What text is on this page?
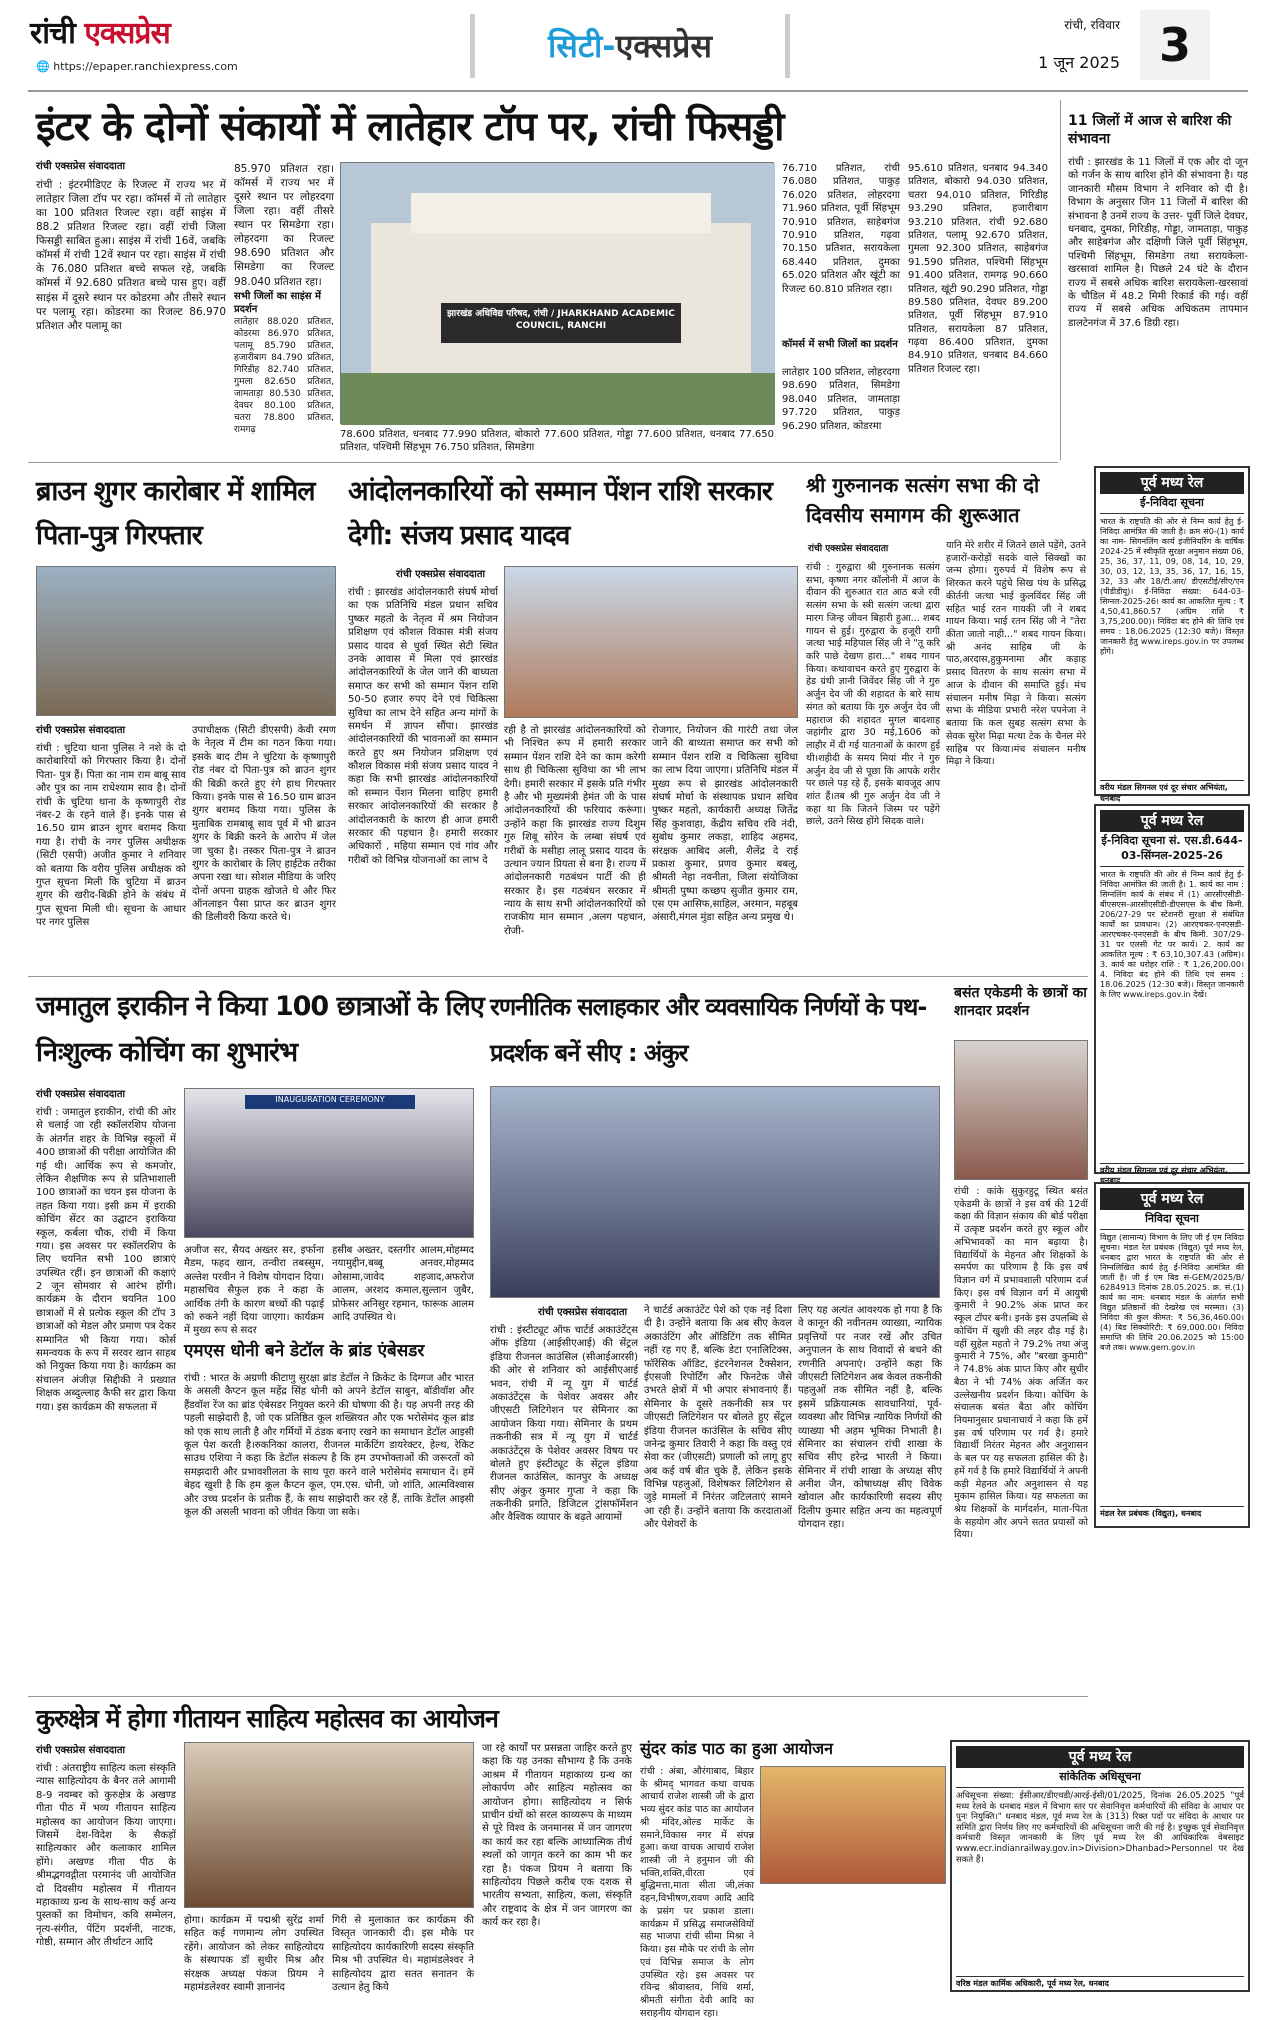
रांची एक्सप्रेस
🌐 https://epaper.ranchiexpress.com
सिटी- एक्सप्रेस
रांची, रविवार
1 जून 2025 3
इंटर के दोनों संकायों में लातेहार टॉप पर, रांची फिसड्डी
रांची एक्सप्रेस संवाददाता
रांची : इंटरमीडिएट के रिजल्ट में राज्य भर में लातेहार जिला टॉप पर रहा। कॉमर्स में तो लातेहार का 100 प्रतिशत रिजल्ट रहा। वहीं साइंस में 88.2 प्रतिशत रिजल्ट रहा। वहीं रांची जिला फिसड्डी साबित हुआ। साइंस में रांची 16वें, जबकि कॉमर्स में रांची 12वें स्थान पर रहा। साइंस में रांची के 76.080 प्रतिशत बच्चे सफल रहे, जबकि कॉमर्स में 92.680 प्रतिशत बच्चे पास हुए। वहीं साइंस में दूसरे स्थान पर कोडरमा और तीसरे स्थान पर पलामू रहा। कोडरमा का रिजल्ट 86.970 प्रतिशत और पलामू का
85.970 प्रतिशत रहा। कॉमर्स में राज्य भर में दूसरे स्थान पर लोहरदगा जिला रहा। वहीं तीसरे स्थान पर सिमडेगा रहा। लोहरदगा का रिजल्ट 98.690 प्रतिशत और सिमडेगा का रिजल्ट 98.040 प्रतिशत रहा।
सभी जिलों का साइंस में प्रदर्शन
लातेहार 88.020 प्रतिशत, कोडरमा 86.970 प्रतिशत, पलामू 85.790 प्रतिशत, हजारीबाग 84.790 प्रतिशत, गिरिडीह 82.740 प्रतिशत, गुमला 82.650 प्रतिशत, जामताड़ा 80.530 प्रतिशत, देवघर 80.100 प्रतिशत, चतरा 78.800 प्रतिशत, रामगढ़
झारखंड अधिविद्य परिषद, रांची / JHARKHAND ACADEMIC COUNCIL, RANCHI
78.600 प्रतिशत, धनबाद 77.990 प्रतिशत, बोकारो 77.600 प्रतिशत, गोड्डा 77.600 प्रतिशत, धनबाद 77.650 प्रतिशत, पश्चिमी सिंहभूम 76.750 प्रतिशत, सिमडेगा
76.710 प्रतिशत, रांची 76.080 प्रतिशत, पाकुड़ 76.020 प्रतिशत, लोहरदगा 71.960 प्रतिशत, पूर्वी सिंहभूम 70.910 प्रतिशत, साहेबगंज 70.910 प्रतिशत, गढ़वा 70.150 प्रतिशत, सरायकेला 68.440 प्रतिशत, दुमका 65.020 प्रतिशत और खूंटी का रिजल्ट 60.810 प्रतिशत रहा।
कॉमर्स में सभी जिलों का प्रदर्शन
लातेहार 100 प्रतिशत, लोहरदगा 98.690 प्रतिशत, सिमडेगा 98.040 प्रतिशत, जामताड़ा 97.720 प्रतिशत, पाकुड़ 96.290 प्रतिशत, कोडरमा
95.610 प्रतिशत, धनबाद 94.340 प्रतिशत, बोकारो 94.030 प्रतिशत, चतरा 94.010 प्रतिशत, गिरिडीह 93.290 प्रतिशत, हजारीबाग 93.210 प्रतिशत, रांची 92.680 प्रतिशत, पलामू 92.670 प्रतिशत, गुमला 92.300 प्रतिशत, साहेबगंज 91.590 प्रतिशत, पश्चिमी सिंहभूम 91.400 प्रतिशत, रामगढ़ 90.660 प्रतिशत, खूंटी 90.290 प्रतिशत, गोड्डा 89.580 प्रतिशत, देवघर 89.200 प्रतिशत, पूर्वी सिंहभूम 87.910 प्रतिशत, सरायकेला 87 प्रतिशत, गढ़वा 86.400 प्रतिशत, दुमका 84.910 प्रतिशत, धनबाद 84.660 प्रतिशत रिजल्ट रहा।
11 जिलों में आज से बारिश की संभावना
रांची : झारखंड के 11 जिलों में एक और दो जून को गर्जन के साथ बारिश होने की संभावना है। यह जानकारी मौसम विभाग ने शनिवार को दी है। विभाग के अनुसार जिन 11 जिलों में बारिश की संभावना है उनमें राज्य के उत्तर- पूर्वी जिले देवघर, धनबाद, दुमका, गिरिडीह, गोड्डा, जामताड़ा, पाकुड़ और साहेबगंज और दक्षिणी जिले पूर्वी सिंहभूम, पश्चिमी सिंहभूम, सिमडेगा तथा सरायकेला-खरसावां शामिल है। पिछले 24 घंटे के दौरान राज्य में सबसे अधिक बारिश सरायकेला-खरसावां के चौडिल में 48.2 मिमी रिकार्ड की गई। वहीं राज्य में सबसे अधिक अधिकतम तापमान डालटेनगंज में 37.6 डिग्री रहा।
ब्राउन शुगर कारोबार में शामिल पिता-पुत्र गिरफ्तार
रांची एक्सप्रेस संवाददाता
रांची : चुटिया थाना पुलिस ने नशे के दो कारोबारियों को गिरफ्तार किया है। दोनों पिता- पुत्र हैं। पिता का नाम राम बाबू साव और पुत्र का नाम राधेश्याम साव है। दोनों रांची के चुटिया थाना के कृष्णापुरी रोड नंबर-2 के रहने वाले हैं। इनके पास से 16.50 ग्राम ब्राउन शुगर बरामद किया गया है। रांची के नगर पुलिस अधीक्षक (सिटी एसपी) अजीत कुमार ने शनिवार को बताया कि वरीय पुलिस अधीक्षक को गुप्त सूचना मिली कि चुटिया में ब्राउन शुगर की खरीद-बिक्री होने के संबंध में गुप्त सूचना मिली थी। सूचना के आधार पर नगर पुलिस
उपाधीक्षक (सिटी डीएसपी) केवी रमण के नेतृत्व में टीम का गठन किया गया। इसके बाद टीम ने चुटिया के कृष्णापुरी रोड नंबर दो पिता-पुत्र को ब्राउन शुगर की बिक्री करते हुए रंगे हाथ गिरफ्तार किया। इनके पास से 16.50 ग्राम ब्राउन शुगर बरामद किया गया। पुलिस के मुताबिक रामबाबू साव पूर्व में भी ब्राउन शुगर के बिक्री करने के आरोप में जेल जा चुका है। तस्कर पिता-पुत्र ने ब्राउन शुगर के कारोबार के लिए हाईटेक तरीका अपना रखा था। सोशल मीडिया के जरिए दोनों अपना ग्राहक खोजते थे और फिर ऑनलाइन पैसा प्राप्त कर ब्राउन शुगर की डिलीवरी किया करते थे।
आंदोलनकारियों को सम्मान पेंशन राशि सरकार देगी: संजय प्रसाद यादव
रांची एक्सप्रेस संवाददाता
रांची : झारखंड आंदोलनकारी संघर्ष मोर्चा का एक प्रतिनिधि मंडल प्रधान सचिव पुष्कर महतो के नेतृत्व में श्रम नियोजन प्रशिक्षण एवं कौशल विकास मंत्री संजय प्रसाद यादव से धुर्वा स्थित सेटी स्थित उनके आवास में मिला एवं झारखंड आंदोलनकारियों के जेल जाने की बाध्यता समाप्त कर सभी को सम्मान पेंशन राशि 50-50 हजार रुपए देने एवं चिकित्सा सुविधा का लाभ देने सहित अन्य मांगों के समर्थन में ज्ञापन सौंपा। झारखंड आंदोलनकारियों की भावनाओं का सम्मान करते हुए श्रम नियोजन प्रशिक्षण एवं कौशल विकास मंत्री संजय प्रसाद यादव ने कहा कि सभी झारखंड आंदोलनकारियों को सम्मान पेंशन मिलना चाहिए हमारी सरकार आंदोलनकारियों की सरकार है आंदोलनकारी के कारण ही आज हमारी सरकार की पहचान है। हमारी सरकार अधिकारों , महिया सम्मान एवं गांव और गरीबों को विभिन्न योजनाओं का लाभ दे
रही है तो झारखंड आंदोलनकारियों को भी निश्चित रूप में हमारी सरकार सम्मान पेंशन राशि देने का काम करेगी साथ ही चिकित्सा सुविधा का भी लाभ देगी। हमारी सरकार में इसके प्रति गंभीर है और भी मुख्यमंत्री हेमंत जी के पास आंदोलनकारियों की फरियाद करूंगा। उन्होंने कहा कि झारखंड राज्य दिशुम गुरु शिबू सोरेन के लम्बा संघर्ष एवं गरीबों के मसीहा लालू प्रसाद यादव के उत्थान ज्यान प्रियता से बना है। राज्य में आंदोलनकारी गठबंधन पार्टी की ही सरकार है। इस गठबंधन सरकार में न्याय के साथ सभी आंदोलनकारियों को राजकीय मान सम्मान ,अलग पहचान, रोजी-
रोजगार, नियोजन की गारंटी तथा जेल जाने की बाध्यता समाप्त कर सभी को सम्मान पेंशन राशि व चिकित्सा सुविधा का लाभ दिया जाएगा। प्रतिनिधि मंडल में मुख्य रूप से झारखंड आंदोलनकारी संघर्ष मोर्चा के संस्थापक प्रधान सचिव पुष्कर महतो, कार्यकारी अध्यक्ष जितेंद्र सिंह कुशवाहा, केंद्रीय सचिव रवि नंदी, सुबोध कुमार लकड़ा, शाहिद अहमद, संरक्षक आबिद अली, शैलेंद्र दे राई प्रकाश कुमार, प्रणव कुमार बबलू, श्रीमती नेहा नवनीता, जिला संयोजिका श्रीमती पुष्पा कच्छप सुजीत कुमार राम, एस एम आसिफ,साहिल, अरमान, महबूब अंसारी,मंगल मुंडा सहित अन्य प्रमुख थे।
श्री गुरुनानक सत्संग सभा की दो दिवसीय समागम की शुरूआत
रांची एक्सप्रेस संवाददाता
रांची : गुरुद्वारा श्री गुरुनानक सत्संग सभा, कृष्णा नगर कॉलोनी में आज के दीवान की शुरुआत रात आठ बजे रवी सत्संग सभा के स्त्री सत्संग जत्था द्वारा मारग जिन्ह जीवन बिहारी हुआ... शबद गायन से हुई। गुरुद्वारा के हजूरी रागी जत्था भाई महिपाल सिंह जी ने "तू करि करि पाछे देखण हारा..." शबद गायन किया। कथावाचन करते हुए गुरुद्वारा के हेड ग्रंथी ज्ञानी जिवेंदर सिंह जी ने गुरु अर्जुन देव जी की शहादत के बारे साध संगत को बताया कि गुरु अर्जुन देव जी महाराज की शहादत मुगल बादशाह जहांगीर द्वारा 30 मई,1606 को लाहौर में दी गई यातनाओं के कारण हुई थी।शहीदी के समय मियां मीर ने गुरु अर्जुन देव जी से पूछा कि आपके शरीर पर छाले पड़ रहे हैं, इसके बावजूद आप शांत हैं।तब श्री गुरु अर्जुन देव जी ने कहा था कि जितने जिस्म पर पड़ेंगे छाले, उतने सिख होंगे सिदक वाले।
यानि मेरे शरीर में जितने छाले पड़ेंगे, उतने हजारों-करोड़ों सदके वाले सिक्खों का जन्म होगा। गुरुपर्व में विशेष रूप से शिरकत करने पहुंचे सिख पंथ के प्रसिद्ध कीर्तनी जत्था भाई कुलविंदर सिंह जी सहित भाई रतन गायकी जी ने शबद गायन किया। भाई रतन सिंह जी ने "तेरा कीता जातो नाही..." शबद गायन किया। श्री अनंद साहिब जी के पाठ,अरदास,हुकुमनामा और कड़ाह प्रसाद वितरण के साथ सत्संग सभा में आज के दीवान की समाप्ति हुई। मंच संचालन मनीष मिढ़ा ने किया। सत्संग सभा के मीडिया प्रभारी नरेश पपनेजा ने बताया कि कल सुबह सत्संग सभा के सेवक सुरेश मिढ़ा मत्था टेक के चैनल मेरे साहिब पर किया।मंच संचालन मनीष मिढ़ा ने किया।
पूर्व मध्य रेल
ई-निविदा सूचना
भारत के राष्ट्रपति की ओर से निम्न कार्य हेतु ई-निविदा आमंत्रित की जाती है। क्रम सं0-(1) कार्य का नाम- सिगनलिंग कार्य इंजीनियरिंग के वार्षिक 2024-25 में स्वीकृति सुरक्षा अनुमान संख्या 06, 25, 36, 37, 11, 09, 08, 14, 10, 29, 30, 03, 12, 13, 35, 36, 17, 16, 15, 32, 33 और 18/टी.आर/ डीएसटीई/सीए/एन (पीडीडीयू)। ई-निविदा संख्या: 644-03-सिग्नल-2025-26। कार्य का आकलित मूल्य : ₹ 4,50,41,860.57 (अग्रिम राशि ₹ 3,75,200.00)। निविदा बंद होने की तिथि एवं समय : 18.06.2025 (12:30 बजे)। विस्तृत जानकारी हेतु www.ireps.gov.in पर उपलब्ध होंगे।
वरीय मंडल सिगनल एवं दूर संचार अभियंता, धनबाद
पूर्व मध्य रेल
ई-निविदा सूचना सं. एस.डी.644-03-सिंग्नल-2025-26
भारत के राष्ट्रपति की ओर से निम्न कार्य हेतु ई-निविदा आमंत्रित की जाती है। 1. कार्य का नाम : सिग्नलिंग कार्य के संबंध में (1) आरसीएसीडी-बीएसएस-आरसीएसीडी-डीएसएस के बीच किमी. 206/27-29 पर स्टेशनरी सुरक्षा से संबंधित कार्यों का प्रावधान। (2) आरएचकर-एनएसडी-आरएचकर-एनएसडी के बीच किमी. 307/29-31 पर एलसी गेट पर कार्य। 2. कार्य का आकलित मूल्य : ₹ 63,10,307.43 (अग्रिम)। 3. कार्य का धरोहर राशि : ₹ 1,26,200.00। 4. निविदा बंद होने की तिथि एवं समय : 18.06.2025 (12:30 बजे)। विस्तृत जानकारी के लिए www.ireps.gov.in देखें।
वरीय मंडल सिगनल एवं दूर संचार अभियंता, धनबाद
पूर्व मध्य रेल
निविदा सूचना
विद्युत (सामान्य) विभाग के लिए जी ई एम निविदा सूचना। मंडल रेल प्रबंधक (विद्युत) पूर्व मध्य रेल, धनबाद द्वारा भारत के राष्ट्रपति की ओर से निम्नलिखित कार्य हेतु ई-निविदा आमंत्रित की जाती है। जी ई एम बिड सं-GEM/2025/B/ 6284913 दिनांक 28.05.2025. क्र. सं.(1) कार्य का नाम: धनबाद मंडल के अंतर्गत सभी विद्युत प्रतिष्ठानों की देखरेख एवं मरम्मत। (3) निविदा की कुल कीमत: ₹ 56,36,460.00। (4) बिड सिक्योरिटी: ₹ 69,000.00। निविदा समाप्ति की तिथि 20.06.2025 को 15:00 बजे तक। www.gem.gov.in
मंडल रेल प्रबंधक (विद्युत), धनबाद
जमातुल इराकीन ने किया 100 छात्राओं के लिए निःशुल्क कोचिंग का शुभारंभ
रांची एक्सप्रेस संवाददाता
रांची : जमातुल इराकीन, रांची की ओर से चलाई जा रही स्कॉलरशिप योजना के अंतर्गत शहर के विभिन्न स्कूलों में 400 छात्राओं की परीक्षा आयोजित की गई थी। आर्थिक रूप से कमजोर, लेकिन शैक्षणिक रूप से प्रतिभाशाली 100 छात्राओं का चयन इस योजना के तहत किया गया। इसी क्रम में इराकी कोचिंग सेंटर का उद्घाटन इराकिया स्कूल, कर्बला चौक, रांची में किया गया। इस अवसर पर स्कॉलरशिप के लिए चयनित सभी 100 छात्राएं उपस्थित रहीं। इन छात्राओं की कक्षाएं 2 जून सोमवार से आरंभ होंगी। कार्यक्रम के दौरान चयनित 100 छात्राओं में से प्रत्येक स्कूल की टॉप 3 छात्राओं को मेडल और प्रमाण पत्र देकर सम्मानित भी किया गया। कोर्स समन्वयक के रूप में सरवर खान साहब को नियुक्त किया गया है। कार्यक्रम का संचालन अंजीज़ सिद्दीकी ने प्रख्यात शिक्षक अब्दुल्लाह कैफी सर द्वारा किया गया। इस कार्यक्रम की सफलता में
INAUGURATION CEREMONY
अजीज सर, सैयद अख्तर सर, इर्फाना मैडम, फहद खान, तन्वीरा तबस्सुम, अल्तेश परवीन ने विशेष योगदान दिया। महासचिव सैफुल हक ने कहा के आर्थिक तंगी के कारण बच्चों की पढ़ाई को रुकने नहीं दिया जाएगा। कार्यक्रम में मुख्य रूप से सदर
हसीब अख्तर, दस्तगीर आलम,मोहम्मद नयामुद्दीन,बब्बू अनवर,मोहम्मद ओसामा,जावेद शहजाद,अफरोज आलम, अरशद कमाल,सुल्तान जुबैर, प्रोफेसर अनिसुर रहमान, फारूक आलम आदि उपस्थित थे।
एमएस धोनी बने डेटॉल के ब्रांड एंबेसडर
रांची : भारत के अग्रणी कीटाणु सुरक्षा ब्रांड डेटॉल ने क्रिकेट के दिग्गज और भारत के असली कैप्टन कूल महेंद्र सिंह धोनी को अपने डेटॉल साबुन, बॉडीवॉश और हैंडवॉश रेंज का ब्रांड एंबेसडर नियुक्त करने की घोषणा की है। यह अपनी तरह की पहली साझेदारी है, जो एक प्रतिष्ठित कूल शख्सियत और एक भरोसेमंद कूल ब्रांड को एक साथ लाती है और गर्मियों में ठंडक बनाए रखने का समाधान डेटॉल आइसी कूल पेश करती है।रुकनिका कालरा, रीजनल मार्केटिंग डायरेक्टर, हेल्थ, रेकिट साउथ एशिया ने कहा कि डेटॉल संकल्प है कि हम उपभोक्ताओं की जरूरतों को समझदारी और प्रभावशीलता के साथ पूरा करने वाले भरोसेमंद समाधान दें। हमें बेहद खुशी है कि हम कूल कैप्टन कूल, एम.एस. धोनी, जो शांति, आत्मविश्वास और उच्च प्रदर्शन के प्रतीक हैं, के साथ साझेदारी कर रहे हैं, ताकि डेटॉल आइसी कूल की असली भावना को जीवंत किया जा सके।
रणनीतिक सलाहकार और व्यवसायिक निर्णयों के पथ-प्रदर्शक बनें सीए : अंकुर
रांची एक्सप्रेस संवाददाता
रांची : इंस्टीट्यूट ऑफ चार्टर्ड अकाउंटेंट्स ऑफ इंडिया (आईसीएआई) की सेंट्रल इंडिया रीजनल काउंसिल (सीआईआरसी) की ओर से शनिवार को आईसीएआई भवन, रांची में न्यू युग में चार्टर्ड अकाउंटेंट्स के पेशेवर अवसर और जीएसटी लिटिगेशन पर सेमिनार का आयोजन किया गया। सेमिनार के प्रथम तकनीकी सत्र में न्यू युग में चार्टर्ड अकाउंटेंट्स के पेशेवर अवसर विषय पर बोलते हुए इंस्टीट्यूट के सेंट्रल इंडिया रीजनल काउंसिल, कानपुर के अध्यक्ष सीए अंकुर कुमार गुप्ता ने कहा कि तकनीकी प्रगति, डिजिटल ट्रांसफॉर्मेशन और वैश्विक व्यापार के बढ़ते आयामों
ने चार्टर्ड अकाउंटेंट पेशे को एक नई दिशा दी है। उन्होंने बताया कि अब सीए केवल अकाउंटिंग और ऑडिटिंग तक सीमित नहीं रह गए हैं, बल्कि डेटा एनालिटिक्स, फॉरेंसिक ऑडिट, इंटरनेशनल टैक्सेशन, ईएसजी रिपोर्टिंग और फिनटेक जैसे उभरते क्षेत्रों में भी अपार संभावनाएं हैं। सेमिनार के दूसरे तकनीकी सत्र पर जीएसटी लिटिगेशन पर बोलते हुए सेंट्रल इंडिया रीजनल काउंसिल के सचिव सीए जनेन्द्र कुमार तिवारी ने कहा कि वस्तु एवं सेवा कर (जीएसटी) प्रणाली को लागू हुए अब कई वर्ष बीत चुके हैं, लेकिन इसके विभिन्न पहलुओं, विशेषकर लिटिगेशन से जुड़े मामलों में निरंतर जटिलताएं सामने आ रही हैं। उन्होंने बताया कि करदाताओं और पेशेवरों के
लिए यह अत्यंत आवश्यक हो गया है कि वे कानून की नवीनतम व्याख्या, न्यायिक प्रवृत्तियों पर नजर रखें और उचित अनुपालन के साथ विवादों से बचने की रणनीति अपनाएं। उन्होंने कहा कि जीएसटी लिटिगेशन अब केवल तकनीकी पहलुओं तक सीमित नहीं है, बल्कि इसमें प्रक्रियात्मक सावधानियां, पूर्व-व्यवस्था और विभिन्न न्यायिक निर्णयों की व्याख्या भी अहम भूमिका निभाती है। सेमिनार का संचालन रांची शाखा के सचिव सीए हरेन्द्र भारती ने किया। सेमिनार में रांची शाखा के अध्यक्ष सीए अनीश जैन, कोषाध्यक्ष सीए विवेक खोवाल और कार्यकारिणी सदस्य सीए दिलीप कुमार सहित अन्य का महत्वपूर्ण योगदान रहा।
बसंत एकेडमी के छात्रों का शानदार प्रदर्शन
रांची : कांके सुकुरहुटू स्थित बसंत एकेडमी के छात्रों ने इस वर्ष की 12वीं कक्षा की विज्ञान संकाय की बोर्ड परीक्षा में उत्कृष्ट प्रदर्शन करते हुए स्कूल और अभिभावकों का मान बढ़ाया है। विद्यार्थियों के मेहनत और शिक्षकों के समर्पण का परिणाम है कि इस वर्ष विज्ञान वर्ग में प्रभावशाली परिणाम दर्ज किए। इस वर्ष विज्ञान वर्ग में आयुषी कुमारी ने 90.2% अंक प्राप्त कर स्कूल टॉपर बनी। इनके इस उपलब्धि से कोचिंग में खुशी की लहर दौड़ गई है। वहीं सुहेल महतो ने 79.2% तथा अंजु कुमारी ने 75%, और "बरखा कुमारी" ने 74.8% अंक प्राप्त किए और सुधीर बैठा ने भी 74% अंक अर्जित कर उल्लेखनीय प्रदर्शन किया। कोचिंग के संचालक बसंत बैठा और कोचिंग नियमानुसार प्रधानाचार्य ने कहा कि हमें इस वर्ष परिणाम पर गर्व है। हमारे विद्यार्थी निरंतर मेहनत और अनुशासन के बल पर यह सफलता हासिल की है। हमें गर्व है कि हमारे विद्यार्थियों ने अपनी कड़ी मेहनत और अनुशासन से यह मुकाम हासिल किया। यह सफलता का श्रेय शिक्षकों के मार्गदर्शन, माता-पिता के सहयोग और अपने सतत प्रयासों को दिया।
कुरुक्षेत्र में होगा गीतायन साहित्य महोत्सव का आयोजन
रांची एक्सप्रेस संवाददाता
रांची : अंतराष्ट्रीय साहित्य कला संस्कृति न्यास साहित्योदय के बैनर तले आगामी 8-9 नवम्बर को कुरुक्षेत्र के अखण्ड गीता पीठ में भव्य गीतायन साहित्य महोत्सव का आयोजन किया जाएगा। जिसमें देश-विदेश के सैकड़ों साहित्यकार और कलाकार शामिल होंगे। अखण्ड गीता पीठ के श्रीमद्भगवद्गीता परमानंद जी आयोजित दो दिवसीय महोत्सव में गीतायन महाकाव्य ग्रन्थ के साथ-साथ कई अन्य पुस्तकों का विमोचन, कवि सम्मेलन, नृत्य-संगीत, पेंटिंग प्रदर्शनी, नाटक, गोष्ठी, सम्मान और तीर्थाटन आदि
होगा। कार्यक्रम में पद्मश्री सुरेंद्र शर्मा सहित कई गणमान्य लोग उपस्थित रहेंगे। आयोजन को लेकर साहित्योदय के संस्थापक डॉ सुधीर मिश्र और संरक्षक अध्यक्ष पंकज प्रियम ने महामंडलेश्वर स्वामी ज्ञानानंद
गिरी से मुलाकात कर कार्यक्रम की विस्तृत जानकारी दी। इस मौके पर साहित्योदय कार्यकारिणी सदस्य संस्कृति मिश्र भी उपस्थित थे। महामंडलेश्वर ने साहित्योदय द्वारा सतत सनातन के उत्थान हेतु किये
जा रहे कार्यों पर प्रसन्नता जाहिर करते हुए कहा कि यह उनका सौभाग्य है कि उनके आश्रम में गीतायन महाकाव्य ग्रन्थ का लोकार्पण और साहित्य महोत्सव का आयोजन होगा। साहित्योदय न सिर्फ प्राचीन ग्रंथों को सरल काव्यरूप के माध्यम से पूरे विश्व के जनमानस में जन जागरण का कार्य कर रहा बल्कि आध्यात्मिक तीर्थ स्थलों को जागृत करने का काम भी कर रहा है। पंकज प्रियम ने बताया कि साहित्योदय पिछले करीब एक दशक से भारतीय सभ्यता, साहित्य, कला, संस्कृति और राष्ट्रवाद के क्षेत्र में जन जागरण का कार्य कर रहा है।
सुंदर कांड पाठ का हुआ आयोजन
रांची : अंबा, औरंगाबाद, बिहार के श्रीमद् भागवत कथा वाचक आचार्य राजेश शास्त्री जी के द्वारा भव्य सुंदर कांड पाठ का आयोजन श्री मंदिर,ओल्ड मार्केट के समाने,विकास नगर में संपन्न हुआ। कथा वाचक आचार्य राजेश शास्त्री जी ने हनुमान जी की भक्ति,शक्ति,वीरता एवं बुद्धिमत्ता,माता सीता जी,लंका दहन,विभीषण,रावण आदि आदि के प्रसंग पर प्रकाश डाला। कार्यक्रम में प्रसिद्ध समाजसेवियों सह भाजपा रांची सीमा मिश्रा ने किया। इस मौके पर रांची के लोग एवं विभिन्न समाज के लोग उपस्थित रहे। इस अवसर पर रविन्द्र श्रीवास्तव, निधि शर्मा, श्रीमती संगीता देवी आदि का सराहनीय योगदान रहा।
पूर्व मध्य रेल
सांकेतिक अधिसूचना
अधिसूचना संख्या: ईसीआर/डीएचडी/आरई-ईसी/01/2025, दिनांक 26.05.2025 "पूर्व मध्य रेलवे के धनबाद मंडल में विभाग स्तर पर सेवानिवृत्त कर्मचारियों की संविदा के आधार पर पुनः नियुक्ति।" धनबाद मंडल, पूर्व मध्य रेल के (313) रिक्त पदों पर संविदा के आधार पर समिति द्वारा निर्णय लिए गए कर्मचारियों की अधिसूचना जारी की गई है। इच्छुक पूर्व सेवानिवृत्त कर्मचारी विस्तृत जानकारी के लिए पूर्व मध्य रेल की आधिकारिक वेबसाइट www.ecr.indianrailway.gov.in>Division>Dhanbad>Personnel पर देख सकते हैं।
वरिष्ठ मंडल कार्मिक अधिकारी, पूर्व मध्य रेल, धनबाद
